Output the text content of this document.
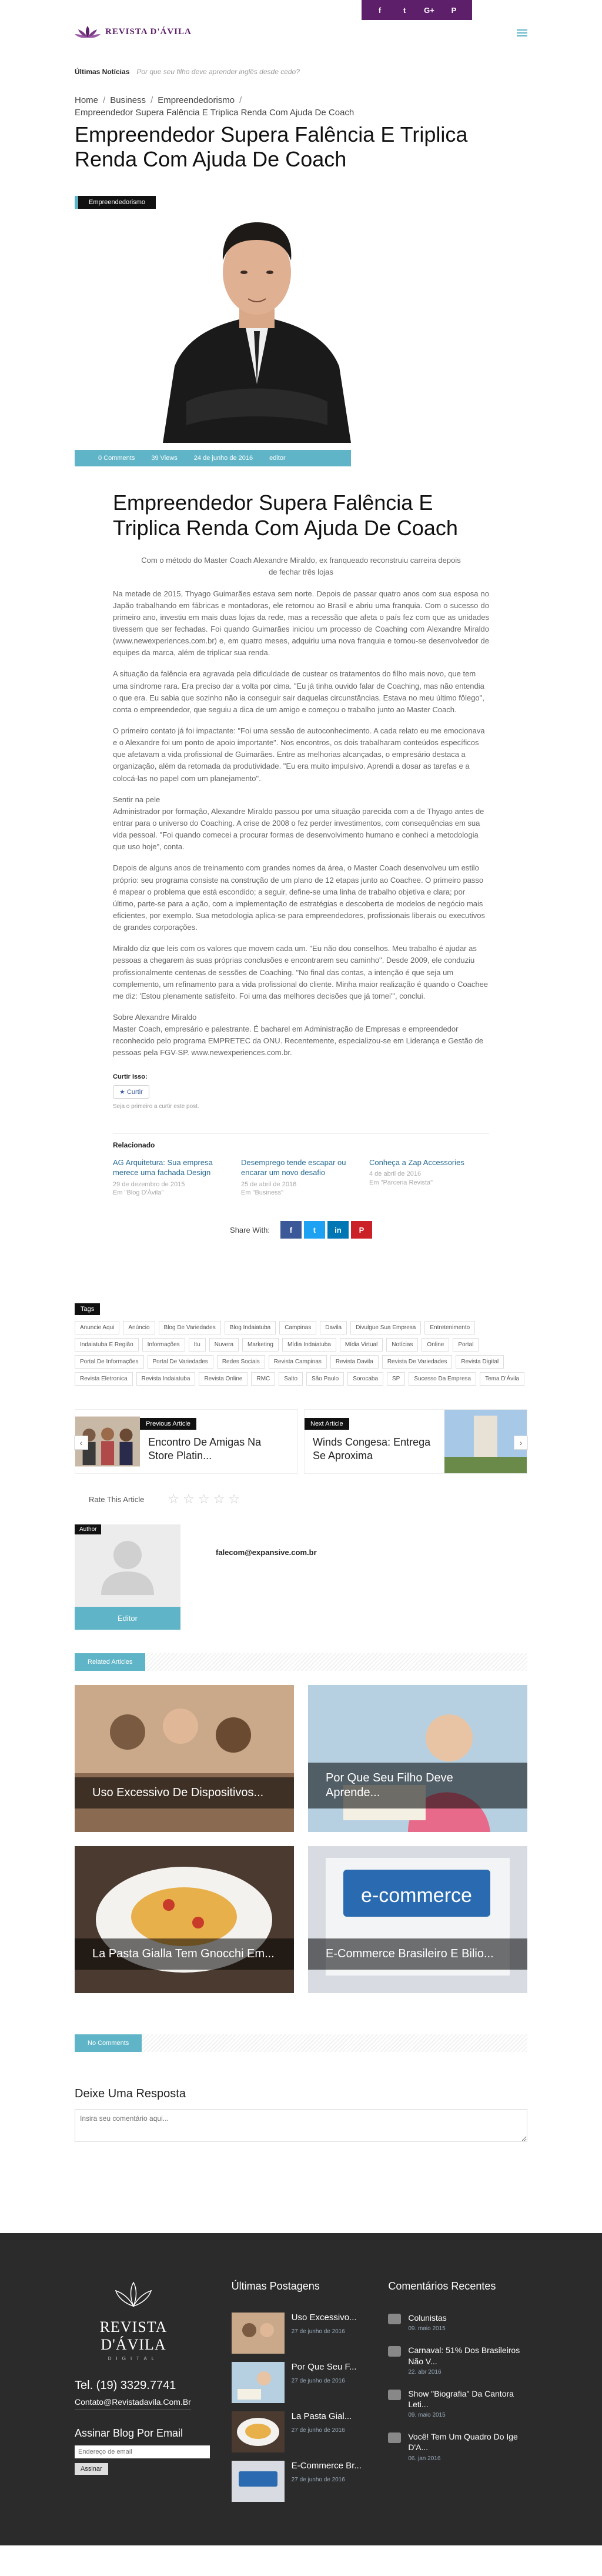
f	t	G+	P
REVISTA D'ÁVILA
Últimas Notícias Por que seu filho deve aprender inglês desde cedo?
Home / Business / Empreendedorismo /
Empreendedor Supera Falência E Triplica Renda Com Ajuda De Coach
Empreendedor Supera Falência E Triplica Renda Com Ajuda De Coach
Empreendedorismo
0 Comments	39 Views	24 de junho de 2016	editor
Empreendedor Supera Falência E Triplica Renda Com Ajuda De Coach

Com o método do Master Coach Alexandre Miraldo, ex franqueado reconstruiu carreira depois de fechar três lojas

Na metade de 2015, Thyago Guimarães estava sem norte. Depois de passar quatro anos com sua esposa no Japão trabalhando em fábricas e montadoras, ele retornou ao Brasil e abriu uma franquia. Com o sucesso do primeiro ano, investiu em mais duas lojas da rede, mas a recessão que afeta o país fez com que as unidades tivessem que ser fechadas. Foi quando Guimarães iniciou um processo de Coaching com Alexandre Miraldo (www.newexperiences.com.br) e, em quatro meses, adquiriu uma nova franquia e tornou-se desenvolvedor de equipes da marca, além de triplicar sua renda.

A situação da falência era agravada pela dificuldade de custear os tratamentos do filho mais novo, que tem uma síndrome rara. Era preciso dar a volta por cima. "Eu já tinha ouvido falar de Coaching, mas não entendia o que era. Eu sabia que sozinho não ia conseguir sair daquelas circunstâncias. Estava no meu último fôlego", conta o empreendedor, que seguiu a dica de um amigo e começou o trabalho junto ao Master Coach.

O primeiro contato já foi impactante: "Foi uma sessão de autoconhecimento. A cada relato eu me emocionava e o Alexandre foi um ponto de apoio importante". Nos encontros, os dois trabalharam conteúdos específicos que afetavam a vida profissional de Guimarães. Entre as melhorias alcançadas, o empresário destaca a organização, além da retomada da produtividade. "Eu era muito impulsivo. Aprendi a dosar as tarefas e a colocá-las no papel com um planejamento".

Sentir na pele
Administrador por formação, Alexandre Miraldo passou por uma situação parecida com a de Thyago antes de entrar para o universo do Coaching. A crise de 2008 o fez perder investimentos, com consequências em sua vida pessoal. "Foi quando comecei a procurar formas de desenvolvimento humano e conheci a metodologia que uso hoje", conta.

Depois de alguns anos de treinamento com grandes nomes da área, o Master Coach desenvolveu um estilo próprio: seu programa consiste na construção de um plano de 12 etapas junto ao Coachee. O primeiro passo é mapear o problema que está escondido; a seguir, define-se uma linha de trabalho objetiva e clara; por último, parte-se para a ação, com a implementação de estratégias e descoberta de modelos de negócio mais eficientes, por exemplo. Sua metodologia aplica-se para empreendedores, profissionais liberais ou executivos de grandes corporações.

Miraldo diz que leis com os valores que movem cada um. "Eu não dou conselhos. Meu trabalho é ajudar as pessoas a chegarem às suas próprias conclusões e encontrarem seu caminho". Desde 2009, ele conduziu profissionalmente centenas de sessões de Coaching. "No final das contas, a intenção é que seja um complemento, um refinamento para a vida profissional do cliente. Minha maior realização é quando o Coachee me diz: 'Estou plenamente satisfeito. Foi uma das melhores decisões que já tomei'", conclui.

Sobre Alexandre Miraldo
Master Coach, empresário e palestrante. É bacharel em Administração de Empresas e empreendedor reconhecido pelo programa EMPRETEC da ONU. Recentemente, especializou-se em Liderança e Gestão de pessoas pela FGV-SP. www.newexperiences.com.br.

Curtir Isso:
★ Curtir
Seja o primeiro a curtir este post.
Relacionado
AG Arquitetura: Sua empresa merece uma fachada Design
29 de dezembro de 2015
Em "Blog D'Ávila"
Desemprego tende escapar ou encarar um novo desafio
25 de abril de 2016
Em "Business"
Conheça a Zap Accessories
4 de abril de 2016
Em "Parceria Revista"
Share With:	f	t	in	P
Tags
Anuncie Aqui	Anúncio	Blog De Variedades	Blog Indaiatuba	Campinas	Davila	Divulgue Sua Empresa	Entretenimento
Indaiatuba E Região	Informações	Itu	Nuvera	Marketing	Mídia Indaiatuba	Mídia Virtual	Notícias	Online	Portal
Portal De Informações	Portal De Variedades	Redes Sociais	Revista Campinas	Revista Davila	Revista De Variedades	Revista Digital
Revista Eletronica	Revista Indaiatuba	Revista Online	RMC	Salto	São Paulo	Sorocaba	SP	Sucesso Da Empresa	Tema D'Ávila
Previous Article
Encontro De Amigas Na Store Platin...
‹
Next Article
Winds Congesa: Entrega Se Aproxima
›
Rate This Article ☆☆☆☆☆
Author
Editor
falecom@expansive.com.br
Related Articles
Uso Excessivo De Dispositivos...
Por Que Seu Filho Deve Aprende...
La Pasta Gialla Tem Gnocchi Em...
e-commerce
E-Commerce Brasileiro E Bilio...
No Comments
Deixe Uma Resposta
Insira seu comentário aqui...
REVISTA D'ÁVILA
DIGITAL
Tel. (19) 3329.7741
Contato@Revistadavila.Com.Br
Assinar Blog Por Email
Endereço de email
Assinar
Últimas Postagens
Uso Excessivo...
27 de junho de 2016
Por Que Seu F...
27 de junho de 2016
La Pasta Gial...
27 de junho de 2016
E-Commerce Br...
27 de junho de 2016
Comentários Recentes
Colunistas
09. maio 2015
Carnaval: 51% Dos Brasileiros Não V...
22. abr 2016
Show "Biografia" Da Cantora Leti...
09. maio 2015
Você! Tem Um Quadro Do Ige D'A...
06. jan 2016
